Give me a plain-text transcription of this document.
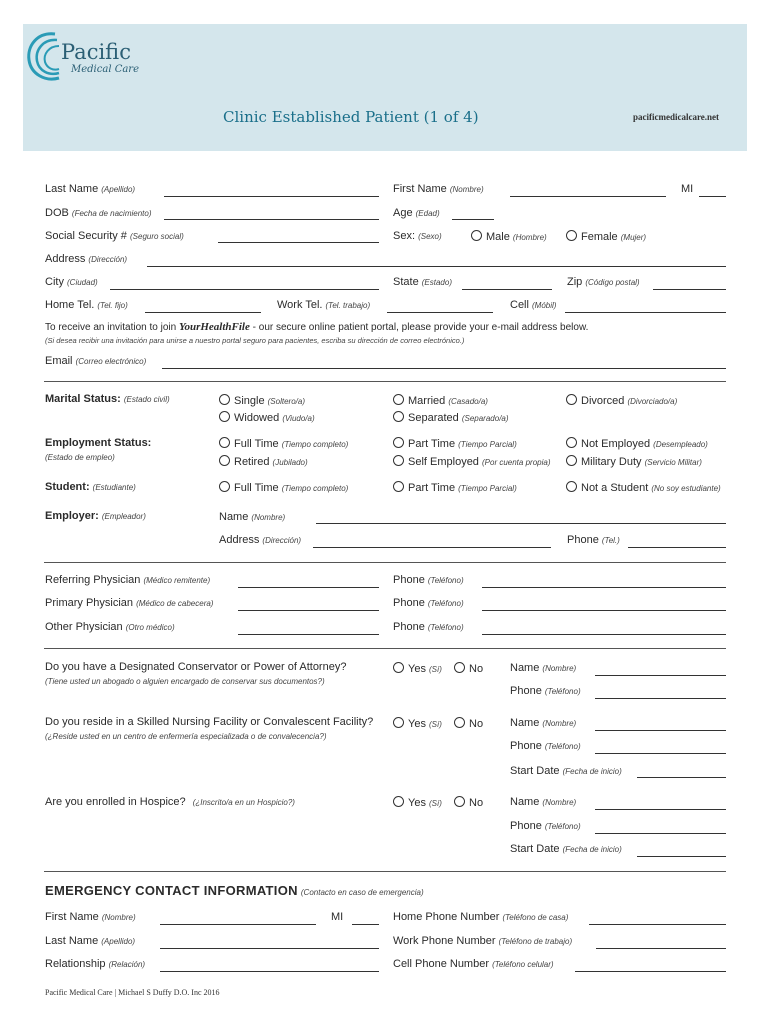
Pacific
Medical Care
Clinic Established Patient (1 of 4)	pacificmedicalcare.net
Last Name (Apellido)	First Name (Nombre)	MI
DOB (Fecha de nacimiento)	Age (Edad)
Social Security # (Seguro social)	Sex: (Sexo)	Male (Hombre)	Female (Mujer)
Address (Dirección)
City (Ciudad)	State (Estado)	Zip (Código postal)
Home Tel. (Tel. fijo)	Work Tel. (Tel. trabajo)	Cell (Móbil)
To receive an invitation to join YourHealthFile - our secure online patient portal, please provide your e-mail address below.
(Si desea recibir una invitación para unirse a nuestro portal seguro para pacientes, escriba su dirección de correo electrónico.)
Email (Correo electrónico)
Marital Status: (Estado civil)	Single (Soltero/a)	Married (Casado/a)	Divorced (Divorciado/a)
Widowed (Viudo/a)	Separated (Separado/a)
Employment Status:
(Estado de empleo)
Full Time (Tiempo completo)	Part Time (Tiempo Parcial)	Not Employed (Desempleado)
Retired (Jubilado)	Self Employed (Por cuenta propia)	Military Duty (Servicio Militar)
Student: (Estudiante)	Full Time (Tiempo completo)	Part Time (Tiempo Parcial)	Not a Student (No soy estudiante)
Employer: (Empleador)	Name (Nombre)
Address (Dirección)	Phone (Tel.)
Referring Physician (Médico remitente)	Phone (Teléfono)
Primary Physician (Médico de cabecera)	Phone (Teléfono)
Other Physician (Otro médico)	Phone (Teléfono)
Do you have a Designated Conservator or Power of Attorney?
(Tiene usted un abogado o alguien encargado de conservar sus documentos?)
Yes (Sí)	No Name (Nombre)
Phone (Teléfono)
Do you reside in a Skilled Nursing Facility or Convalescent Facility?
(¿Reside usted en un centro de enfermería especializada o de convalecencia?)
Yes (Sí)	No Name (Nombre)
Phone (Teléfono)
Start Date (Fecha de inicio)
Are you enrolled in Hospice? (¿Inscrito/a en un Hospicio?)	Yes (Sí)	No Name (Nombre)
Phone (Teléfono)
Start Date (Fecha de inicio)
EMERGENCY CONTACT INFORMATION (Contacto en caso de emergencia)
First Name (Nombre)	MI	Home Phone Number (Teléfono de casa)
Last Name (Apellido)	Work Phone Number (Teléfono de trabajo)
Relationship (Relación)	Cell Phone Number (Teléfono celular)
Pacific Medical Care | Michael S Duffy D.O. Inc 2016
